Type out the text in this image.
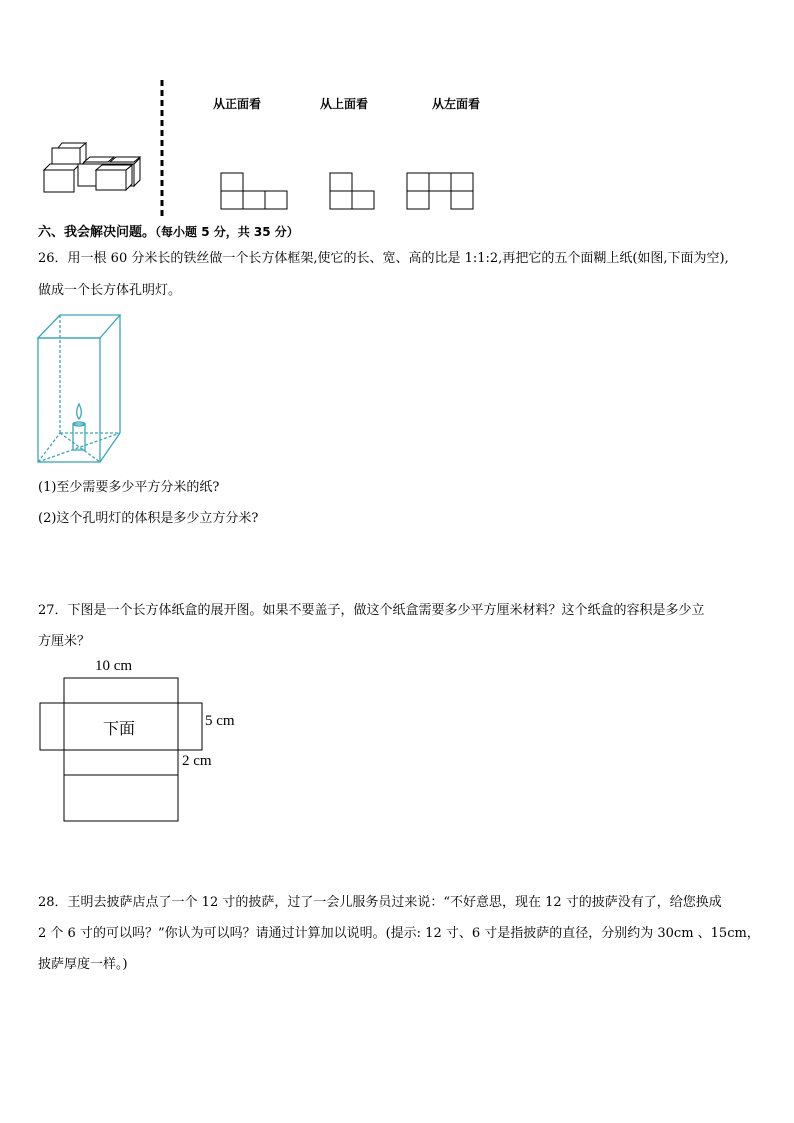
从正面看	从上面看	从左面看
六、我会解决问题。（每小题 5 分，共 35 分）
26．用一根 60 分米长的铁丝做一个长方体框架,使它的长、宽、高的比是 1:1:2,再把它的五个面糊上纸(如图,下面为空),
做成一个长方体孔明灯。
(1)至少需要多少平方分米的纸?
(2)这个孔明灯的体积是多少立方分米?
27．下图是一个长方体纸盒的展开图。如果不要盖子，做这个纸盒需要多少平方厘米材料？这个纸盒的容积是多少立
方厘米？
10 cm
5 cm
2 cm
下面
28．王明去披萨店点了一个 12 寸的披萨，过了一会儿服务员过来说：“不好意思，现在 12 寸的披萨没有了，给您换成
2 个 6 寸的可以吗？”你认为可以吗？请通过计算加以说明。(提示: 12 寸、6 寸是指披萨的直径，分别约为 30cm 、15cm，
披萨厚度一样。)
